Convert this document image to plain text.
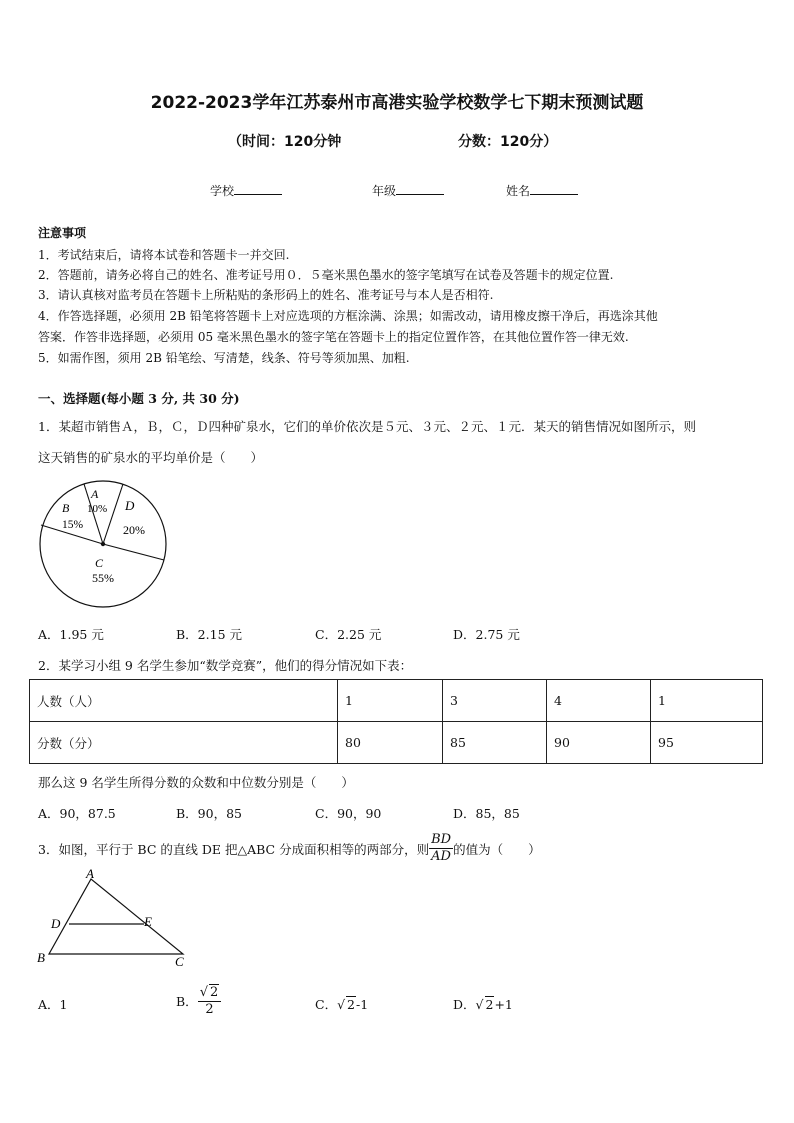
2022-2023学年江苏泰州市高港实验学校数学七下期末预测试题
（时间：120分钟	分数：120分）
学校	年级	姓名
注意事项
1．考试结束后，请将本试卷和答题卡一并交回.
2．答题前，请务必将自己的姓名、准考证号用０．５毫米黑色墨水的签字笔填写在试卷及答题卡的规定位置.
3．请认真核对监考员在答题卡上所粘贴的条形码上的姓名、准考证号与本人是否相符.
4．作答选择题，必须用 2B 铅笔将答题卡上对应选项的方框涂满、涂黑；如需改动，请用橡皮擦干净后，再选涂其他
答案．作答非选择题，必须用 05 毫米黑色墨水的签字笔在答题卡上的指定位置作答，在其他位置作答一律无效.
5．如需作图，须用 2B 铅笔绘、写清楚，线条、符号等须加黑、加粗.
一、选择题(每小题 3 分, 共 30 分)
1．某超市销售Ａ，Ｂ，Ｃ，Ｄ四种矿泉水，它们的单价依次是５元、３元、２元、１元．某天的销售情况如图所示，则
这天销售的矿泉水的平均单价是（　　）
A
10%
B
15%
D
20%
C
55%
A．1.95 元	B．2.15 元	C．2.25 元	D．2.75 元
2．某学习小组 9 名学生参加“数学竞赛”，他们的得分情况如下表：
人数（人）	1	3	4	1
分数（分）	80	85	90	95
那么这 9 名学生所得分数的众数和中位数分别是（　　）
A．90，87.5	B．90，85	C．90，90	D．85，85
3．如图，平行于 BC 的直线 DE 把△ABC 分成面积相等的两部分，则 $\frac{BD}{AD}$ 的值为（　　）
A
D	E
B	C
A．1	B． $\frac{√ 2}{2}$	C．√ 2-1	D．√ 2+1
